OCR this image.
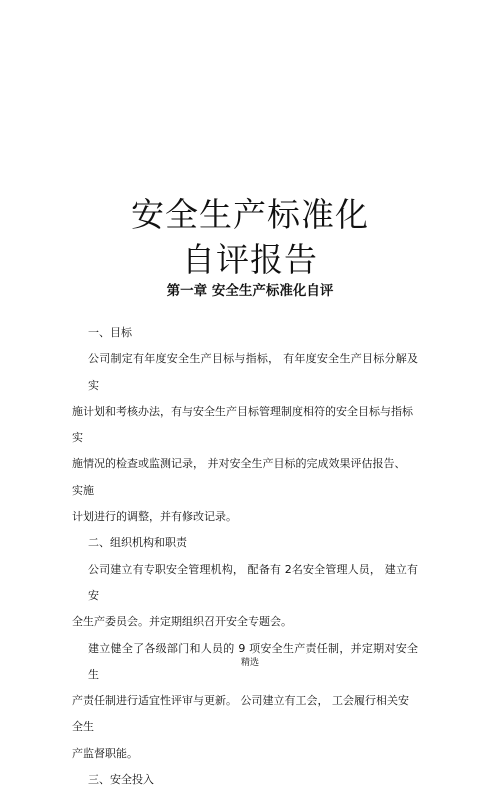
安全生产标准化
自评报告
第一章 安全生产标准化自评

一、目标

公司制定有年度安全生产目标与指标， 有年度安全生产目标分解及实

施计划和考核办法，有与安全生产目标管理制度相符的安全目标与指标实

施情况的检查或监测记录， 并对安全生产目标的完成效果评估报告、 实施

计划进行的调整，并有修改记录。

二、组织机构和职责

公司建立有专职安全管理机构， 配备有 2名安全管理人员， 建立有安

全生产委员会。并定期组织召开安全专题会。

建立健全了各级部门和人员的 9 项安全生产责任制，并定期对安全生

产责任制进行适宜性评审与更新。 公司建立有工会， 工会履行相关安全生

产监督职能。

三、安全投入

精选
